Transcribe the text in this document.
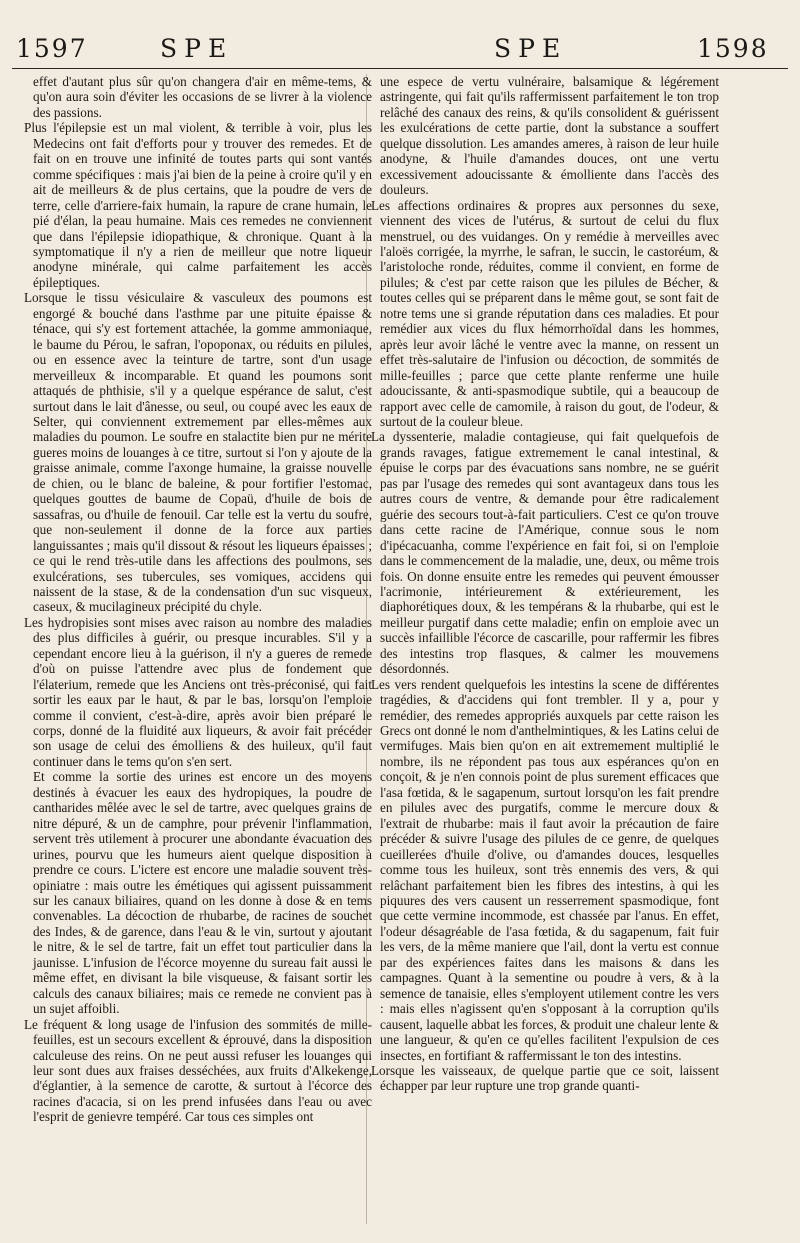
1597	SPE	SPE	1598

effet d'autant plus sûr qu'on changera d'air en même-tems, & qu'on aura soin d'éviter les occasions de se livrer à la violence des passions.

Plus l'épilepsie est un mal violent, & terrible à voir, plus les Medecins ont fait d'efforts pour y trouver des remedes. Et de fait on en trouve une infinité de toutes parts qui sont vantés comme spécifiques : mais j'ai bien de la peine à croire qu'il y en ait de meilleurs & de plus certains, que la poudre de vers de terre, celle d'arriere-faix humain, la rapure de crane humain, le pié d'élan, la peau humaine. Mais ces remedes ne conviennent que dans l'épilepsie idiopathique, & chronique. Quant à la symptomatique il n'y a rien de meilleur que notre liqueur anodyne minérale, qui calme parfaitement les accès épileptiques.

Lorsque le tissu vésiculaire & vasculeux des poumons est engorgé & bouché dans l'asthme par une pituite épaisse & ténace, qui s'y est fortement attachée, la gomme ammoniaque, le baume du Pérou, le safran, l'opoponax, ou réduits en pilules, ou en essence avec la teinture de tartre, sont d'un usage merveilleux & incomparable. Et quand les poumons sont attaqués de phthisie, s'il y a quelque espérance de salut, c'est surtout dans le lait d'ânesse, ou seul, ou coupé avec les eaux de Selter, qui conviennent extremement par elles-mêmes aux maladies du poumon. Le soufre en stalactite bien pur ne mérite gueres moins de louanges à ce titre, surtout si l'on y ajoute de la graisse animale, comme l'axonge humaine, la graisse nouvelle de chien, ou le blanc de baleine, & pour fortifier l'estomac, quelques gouttes de baume de Copaü, d'huile de bois de sassafras, ou d'huile de fenouil. Car telle est la vertu du soufre, que non-seulement il donne de la force aux parties languissantes ; mais qu'il dissout & résout les liqueurs épaisses ; ce qui le rend très-utile dans les affections des poulmons, ses exulcérations, ses tubercules, ses vomiques, accidens qui naissent de la stase, & de la condensation d'un suc visqueux, caseux, & mucilagineux précipité du chyle.

Les hydropisies sont mises avec raison au nombre des maladies des plus difficiles à guérir, ou presque incurables. S'il y a cependant encore lieu à la guérison, il n'y a gueres de remede d'où on puisse l'attendre avec plus de fondement que l'élaterium, remede que les Anciens ont très-préconisé, qui fait sortir les eaux par le haut, & par le bas, lorsqu'on l'emploie comme il convient, c'est-à-dire, après avoir bien préparé le corps, donné de la fluidité aux liqueurs, & avoir fait précéder son usage de celui des émolliens & des huileux, qu'il faut continuer dans le tems qu'on s'en sert.

Et comme la sortie des urines est encore un des moyens destinés à évacuer les eaux des hydropiques, la poudre de cantharides mêlée avec le sel de tartre, avec quelques grains de nitre dépuré, & un de camphre, pour prévenir l'inflammation, servent très utilement à procurer une abondante évacuation des urines, pourvu que les humeurs aient quelque disposition à prendre ce cours. L'ictere est encore une maladie souvent très-opiniatre : mais outre les émétiques qui agissent puissamment sur les canaux biliaires, quand on les donne à dose & en tems convenables. La décoction de rhubarbe, de racines de souchet des Indes, & de garence, dans l'eau & le vin, surtout y ajoutant le nitre, & le sel de tartre, fait un effet tout particulier dans la jaunisse. L'infusion de l'écorce moyenne du sureau fait aussi le même effet, en divisant la bile visqueuse, & faisant sortir les calculs des canaux biliaires; mais ce remede ne convient pas à un sujet affoibli.

Le fréquent & long usage de l'infusion des sommités de mille-feuilles, est un secours excellent & éprouvé, dans la disposition calculeuse des reins. On ne peut aussi refuser les louanges qui leur sont dues aux fraises desséchées, aux fruits d'Alkekenge, d'églantier, à la semence de carotte, & surtout à l'écorce des racines d'acacia, si on les prend infusées dans l'eau ou avec l'esprit de genievre tempéré. Car tous ces simples ont

une espece de vertu vulnéraire, balsamique & légérement astringente, qui fait qu'ils raffermissent parfaitement le ton trop relâché des canaux des reins, & qu'ils consolident & guérissent les exulcérations de cette partie, dont la substance a souffert quelque dissolution. Les amandes ameres, à raison de leur huile anodyne, & l'huile d'amandes douces, ont une vertu excessivement adoucissante & émolliente dans l'accès des douleurs.

Les affections ordinaires & propres aux personnes du sexe, viennent des vices de l'utérus, & surtout de celui du flux menstruel, ou des vuidanges. On y remédie à merveilles avec l'aloës corrigée, la myrrhe, le safran, le succin, le castoréum, & l'aristoloche ronde, réduites, comme il convient, en forme de pilules; & c'est par cette raison que les pilules de Bécher, & toutes celles qui se préparent dans le même gout, se sont fait de notre tems une si grande réputation dans ces maladies. Et pour remédier aux vices du flux hémorrhoïdal dans les hommes, après leur avoir lâché le ventre avec la manne, on ressent un effet très-salutaire de l'infusion ou décoction, de sommités de mille-feuilles ; parce que cette plante renferme une huile adoucissante, & anti-spasmodique subtile, qui a beaucoup de rapport avec celle de camomile, à raison du gout, de l'odeur, & surtout de la couleur bleue.

La dyssenterie, maladie contagieuse, qui fait quelquefois de grands ravages, fatigue extremement le canal intestinal, & épuise le corps par des évacuations sans nombre, ne se guérit pas par l'usage des remedes qui sont avantageux dans tous les autres cours de ventre, & demande pour être radicalement guérie des secours tout-à-fait particuliers. C'est ce qu'on trouve dans cette racine de l'Amérique, connue sous le nom d'ipécacuanha, comme l'expérience en fait foi, si on l'emploie dans le commencement de la maladie, une, deux, ou même trois fois. On donne ensuite entre les remedes qui peuvent émousser l'acrimonie, intérieurement & extérieurement, les diaphorétiques doux, & les tempérans & la rhubarbe, qui est le meilleur purgatif dans cette maladie; enfin on emploie avec un succès infaillible l'écorce de cascarille, pour raffermir les fibres des intestins trop flasques, & calmer les mouvemens désordonnés.

Les vers rendent quelquefois les intestins la scene de différentes tragédies, & d'accidens qui font trembler. Il y a, pour y remédier, des remedes appropriés auxquels par cette raison les Grecs ont donné le nom d'anthelmintiques, & les Latins celui de vermifuges. Mais bien qu'on en ait extremement multiplié le nombre, ils ne répondent pas tous aux espérances qu'on en conçoit, & je n'en connois point de plus surement efficaces que l'asa fœtida, & le sagapenum, surtout lorsqu'on les fait prendre en pilules avec des purgatifs, comme le mercure doux & l'extrait de rhubarbe: mais il faut avoir la précaution de faire précéder & suivre l'usage des pilules de ce genre, de quelques cueillerées d'huile d'olive, ou d'amandes douces, lesquelles comme tous les huileux, sont très ennemis des vers, & qui relâchant parfaitement bien les fibres des intestins, à qui les piquures des vers causent un resserrement spasmodique, font que cette vermine incommode, est chassée par l'anus. En effet, l'odeur désagréable de l'asa fœtida, & du sagapenum, fait fuir les vers, de la même maniere que l'ail, dont la vertu est connue par des expériences faites dans les maisons & dans les campagnes. Quant à la sementine ou poudre à vers, & à la semence de tanaisie, elles s'employent utilement contre les vers : mais elles n'agissent qu'en s'opposant à la corruption qu'ils causent, laquelle abbat les forces, & produit une chaleur lente & une langueur, & qu'en ce qu'elles facilitent l'expulsion de ces insectes, en fortifiant & raffermissant le ton des intestins.

Lorsque les vaisseaux, de quelque partie que ce soit, laissent échapper par leur rupture une trop grande quanti-
